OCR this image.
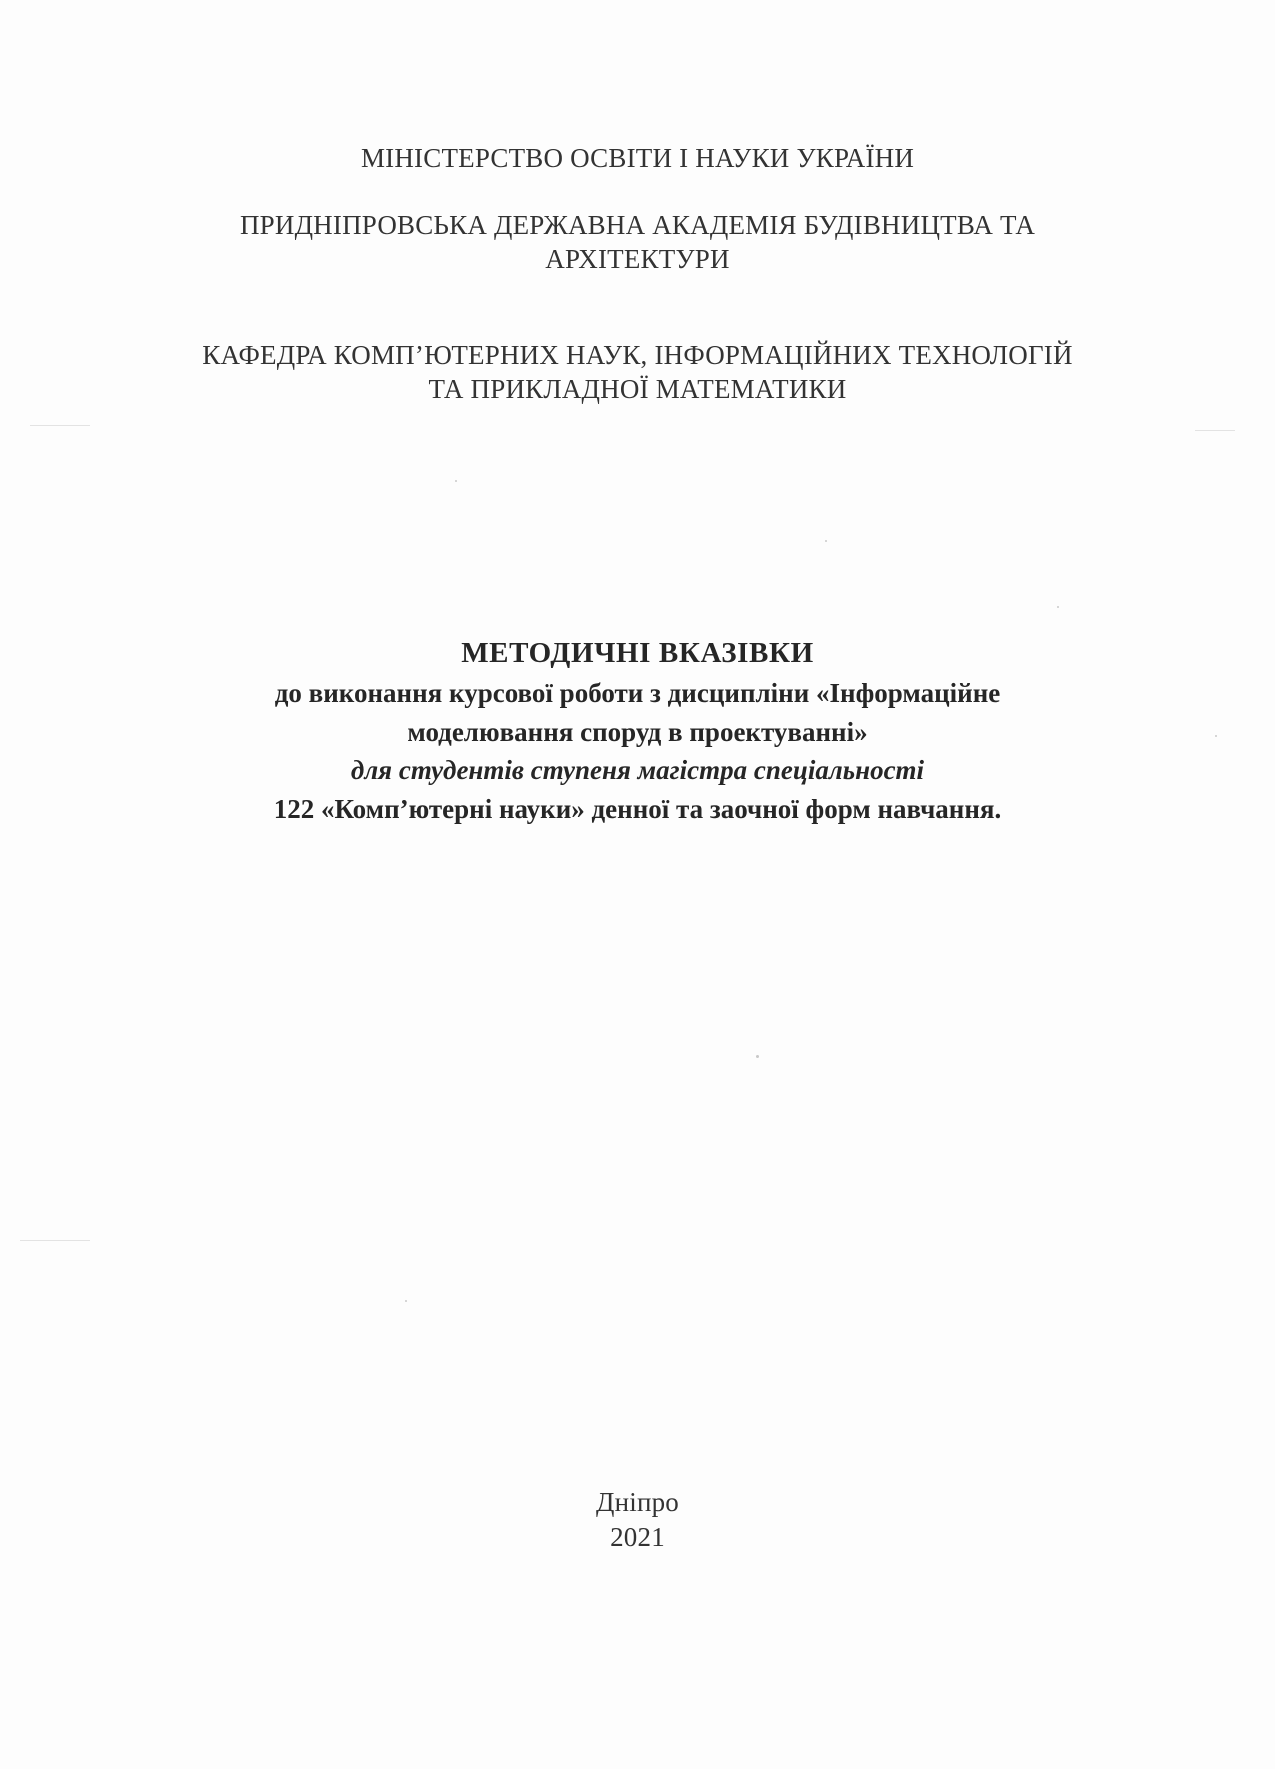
МІНІСТЕРСТВО ОСВІТИ І НАУКИ УКРАЇНИ
ПРИДНІПРОВСЬКА ДЕРЖАВНА АКАДЕМІЯ БУДІВНИЦТВА ТА
АРХІТЕКТУРИ
КАФЕДРА КОМП’ЮТЕРНИХ НАУК, ІНФОРМАЦІЙНИХ ТЕХНОЛОГІЙ
ТА ПРИКЛАДНОЇ МАТЕМАТИКИ
МЕТОДИЧНІ ВКАЗІВКИ
до виконання курсової роботи з дисципліни «Інформаційне
моделювання споруд в проектуванні»
для студентів ступеня магістра спеціальності
122 «Комп’ютерні науки» денної та заочної форм навчання.
Дніпро
2021
